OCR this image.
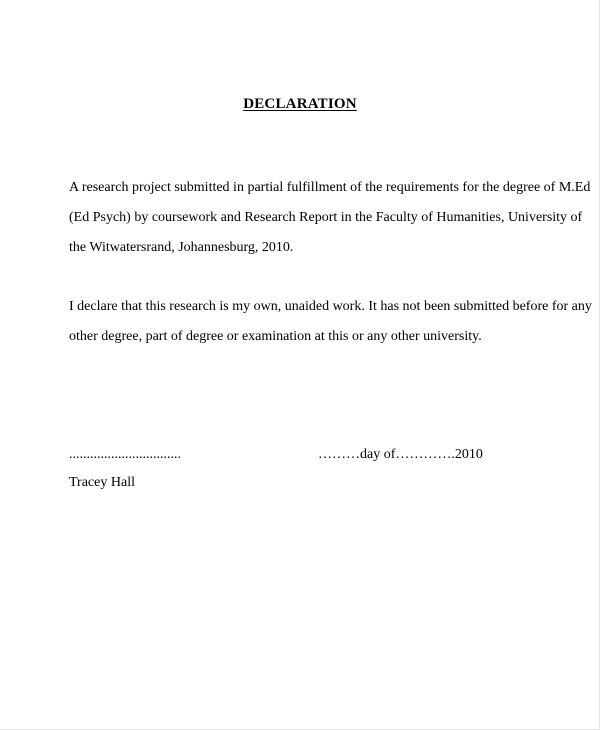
DECLARATION

A research project submitted in partial fulfillment of the requirements for the degree of M.Ed
(Ed Psych) by coursework and Research Report in the Faculty of Humanities, University of
the Witwatersrand, Johannesburg, 2010.

I declare that this research is my own, unaided work. It has not been submitted before for any
other degree, part of degree or examination at this or any other university.

................................
Tracey Hall
………day of………….2010
